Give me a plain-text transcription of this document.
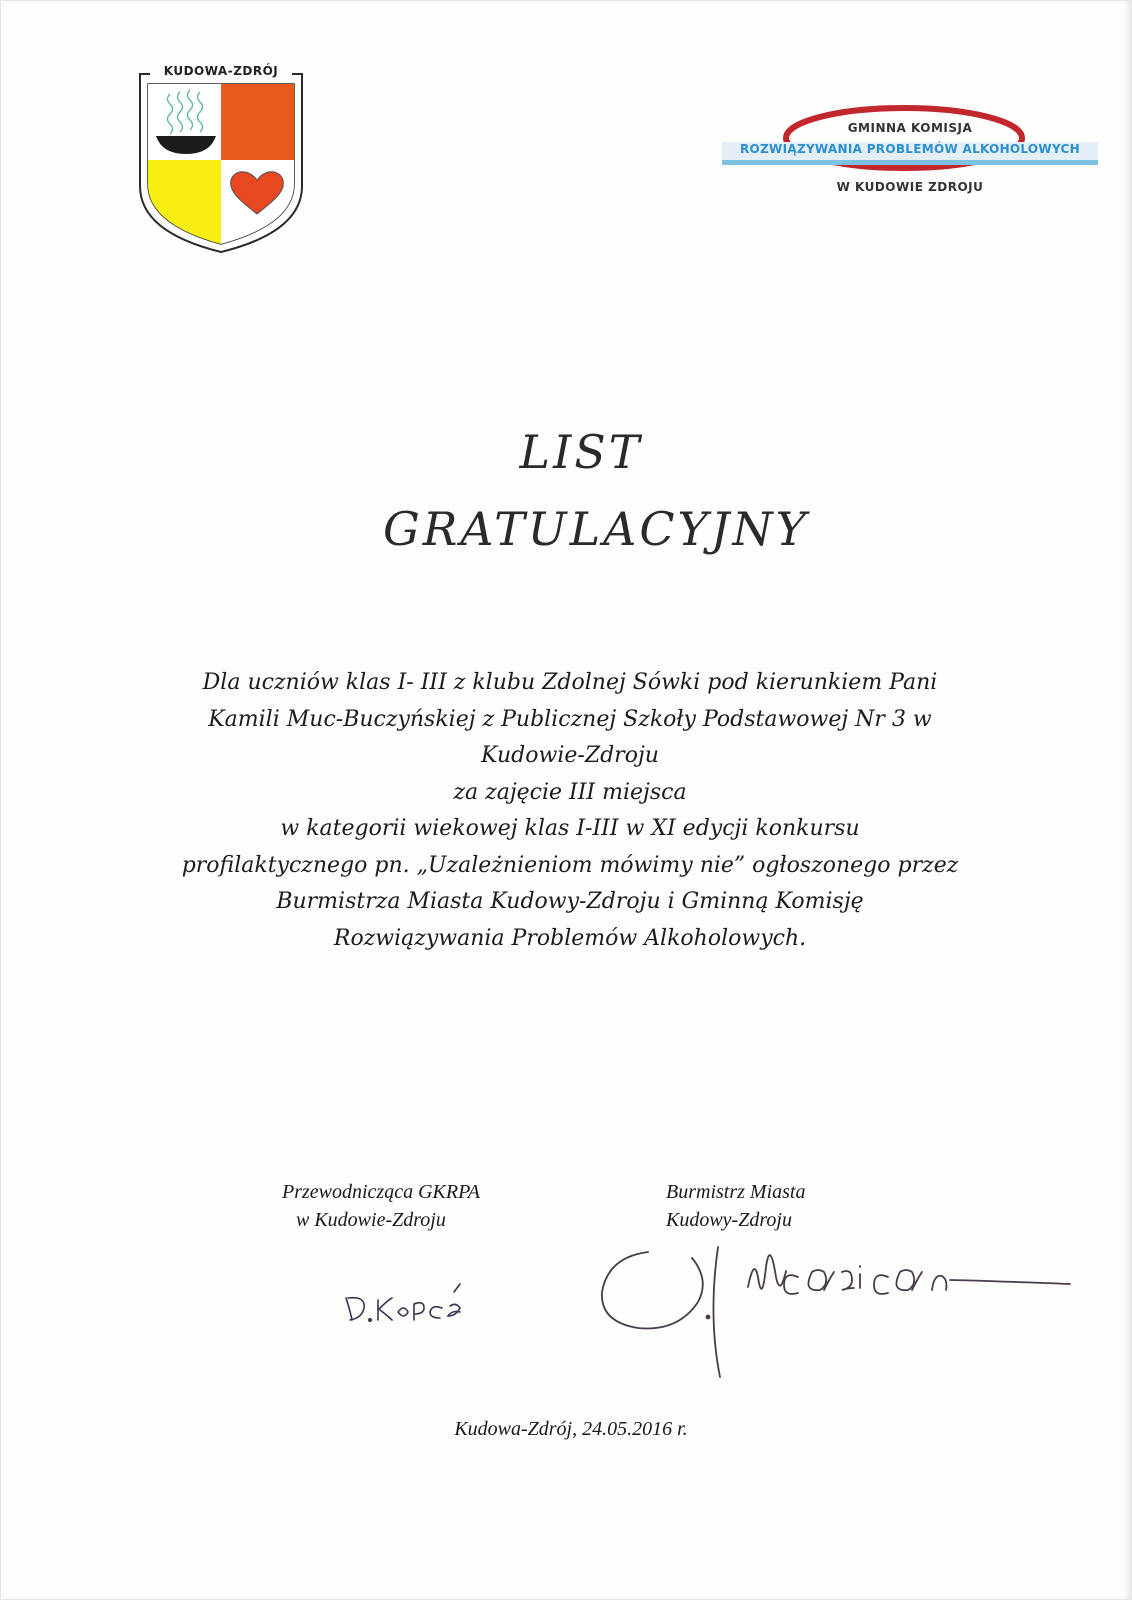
KUDOWA-ZDRÓJ
GMINNA KOMISJA
ROZWIĄZYWANIA PROBLEMÓW ALKOHOLOWYCH
W KUDOWIE ZDROJU
LIST
GRATULACYJNY
Dla uczniów klas I- III z klubu Zdolnej Sówki pod kierunkiem Pani
Kamili Muc-Buczyńskiej z Publicznej Szkoły Podstawowej Nr 3 w
Kudowie-Zdroju
za zajęcie III miejsca
w kategorii wiekowej klas I-III w XI edycji konkursu
profilaktycznego pn. „Uzależnieniom mówimy nie” ogłoszonego przez
Burmistrza Miasta Kudowy-Zdroju i Gminną Komisję
Rozwiązywania Problemów Alkoholowych.
Przewodnicząca GKRPA
w Kudowie-Zdroju
Burmistrz Miasta
Kudowy-Zdroju
Kudowa-Zdrój, 24.05.2016 r.
